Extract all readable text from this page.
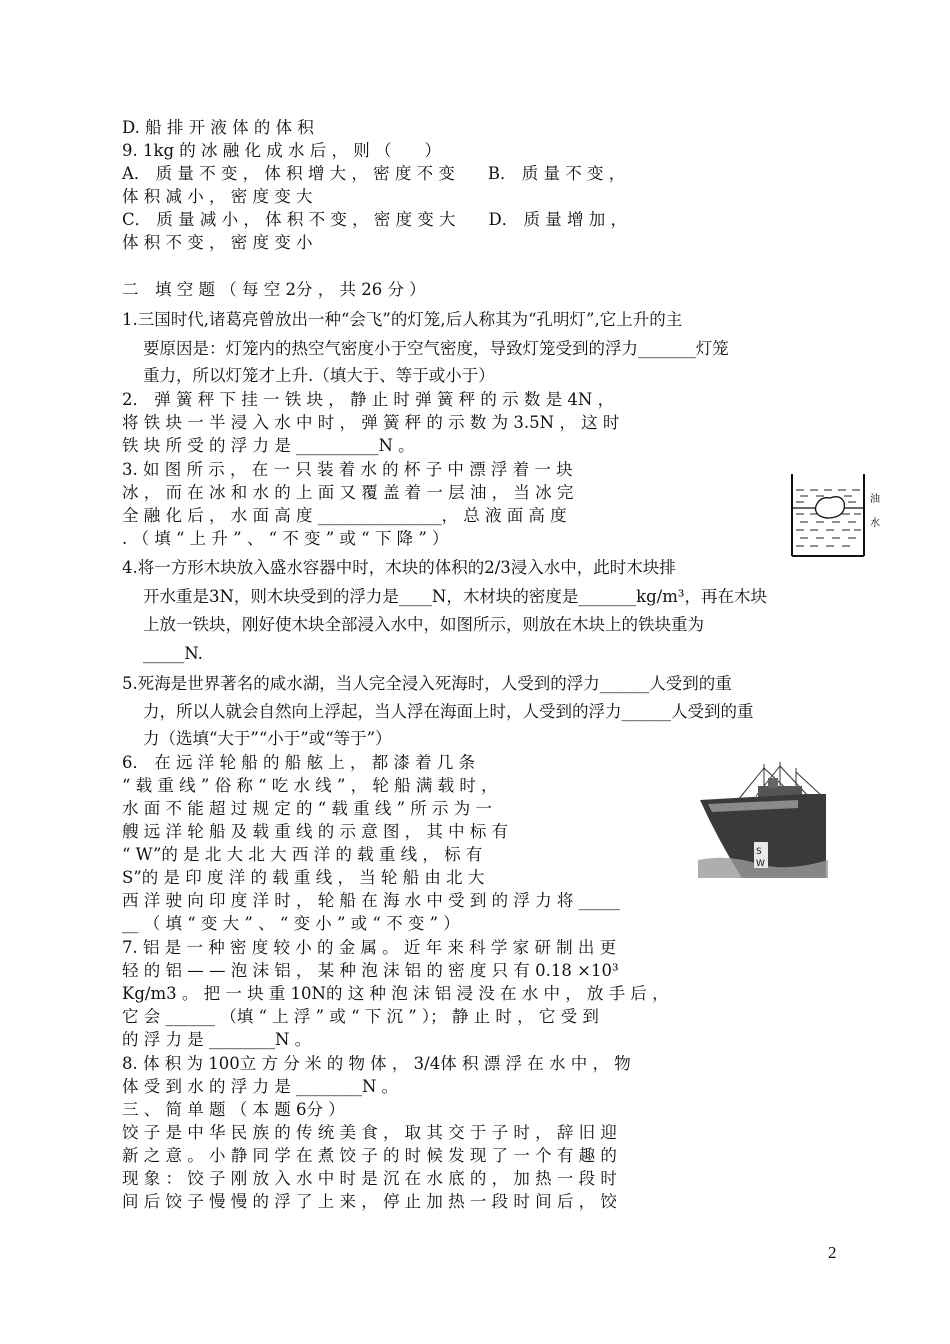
D. 船 排 开 液 体 的 体 积
9. 1kg 的 冰 融 化 成 水 后 ， 则 （　　）
A． 质 量 不 变 ， 体 积 增 大 ， 密 度 不 变　　B． 质 量 不 变 ，
体 积 减 小 ， 密 度 变 大
C． 质 量 减 小 ， 体 积 不 变 ， 密 度 变 大　　D． 质 量 增 加 ，
体 积 不 变 ， 密 度 变 小
二　填 空 题 （ 每 空 2分 ， 共 26 分 ）
1.三国时代,诸葛亮曾放出一种“会飞”的灯笼,后人称其为“孔明灯”,它上升的主
要原因是：灯笼内的热空气密度小于空气密度，导致灯笼受到的浮力_______灯笼
重力，所以灯笼才上升.（填大于、等于或小于）
2． 弹 簧 秤 下 挂 一 铁 块 ， 静 止 时 弹 簧 秤 的 示 数 是 4N ，
将 铁 块 一 半 浸 入 水 中 时 ， 弹 簧 秤 的 示 数 为 3.5N ， 这 时
铁 块 所 受 的 浮 力 是 __________N 。
3. 如 图 所 示 ， 在 一 只 装 着 水 的 杯 子 中 漂 浮 着 一 块
冰 ， 而 在 冰 和 水 的 上 面 又 覆 盖 着 一 层 油 ， 当 冰 完
全 融 化 后 ， 水 面 高 度 _______________， 总 液 面 高 度
. （ 填 “ 上 升 ” 、 “ 不 变 ” 或 “ 下 降 ” ）
油
水
4.将一方形木块放入盛水容器中时，木块的体积的2/3浸入水中，此时木块排
开水重是3N，则木块受到的浮力是____N，木材块的密度是_______kg/m³，再在木块
上放一铁块，刚好使木块全部浸入水中，如图所示，则放在木块上的铁块重为
_____N.
5.死海是世界著名的咸水湖，当人完全浸入死海时，人受到的浮力______人受到的重
力，所以人就会自然向上浮起，当人浮在海面上时，人受到的浮力______人受到的重
力（选填“大于”“小于”或“等于”）
6． 在 远 洋 轮 船 的 船 舷 上 ， 都 漆 着 几 条
“ 载 重 线 ” 俗 称 “ 吃 水 线 ” ， 轮 船 满 载 时 ，
水 面 不 能 超 过 规 定 的 “ 载 重 线 ” 所 示 为 一
艘 远 洋 轮 船 及 载 重 线 的 示 意 图 ， 其 中 标 有
“ W”的 是 北 大 北 大 西 洋 的 载 重 线 ， 标 有
S”的 是 印 度 洋 的 载 重 线 ， 当 轮 船 由 北 大
西 洋 驶 向 印 度 洋 时 ， 轮 船 在 海 水 中 受 到 的 浮 力 将 _____
__ （ 填 “ 变 大 ” 、 “ 变 小 ” 或 “ 不 变 ” ）
S
W
7. 铝 是 一 种 密 度 较 小 的 金 属 。 近 年 来 科 学 家 研 制 出 更
轻 的 铝 — — 泡 沫 铝 ， 某 种 泡 沫 铝 的 密 度 只 有 0.18 ×10³
Kg/m3 。 把 一 块 重 10N的 这 种 泡 沫 铝 浸 没 在 水 中 ， 放 手 后 ，
它 会 ______ （填 “ 上 浮 ” 或 “ 下 沉 ” ）； 静 止 时 ， 它 受 到
的 浮 力 是 ________N 。
8. 体 积 为 100立 方 分 米 的 物 体 ， 3/4体 积 漂 浮 在 水 中 ， 物
体 受 到 水 的 浮 力 是 ________N 。
三 、 简 单 题 （ 本 题 6分 ）
饺 子 是 中 华 民 族 的 传 统 美 食 ， 取 其 交 于 子 时 ， 辞 旧 迎
新 之 意 。 小 静 同 学 在 煮 饺 子 的 时 候 发 现 了 一 个 有 趣 的
现 象 ： 饺 子 刚 放 入 水 中 时 是 沉 在 水 底 的 ， 加 热 一 段 时
间 后 饺 子 慢 慢 的 浮 了 上 来 ， 停 止 加 热 一 段 时 间 后 ， 饺
2
